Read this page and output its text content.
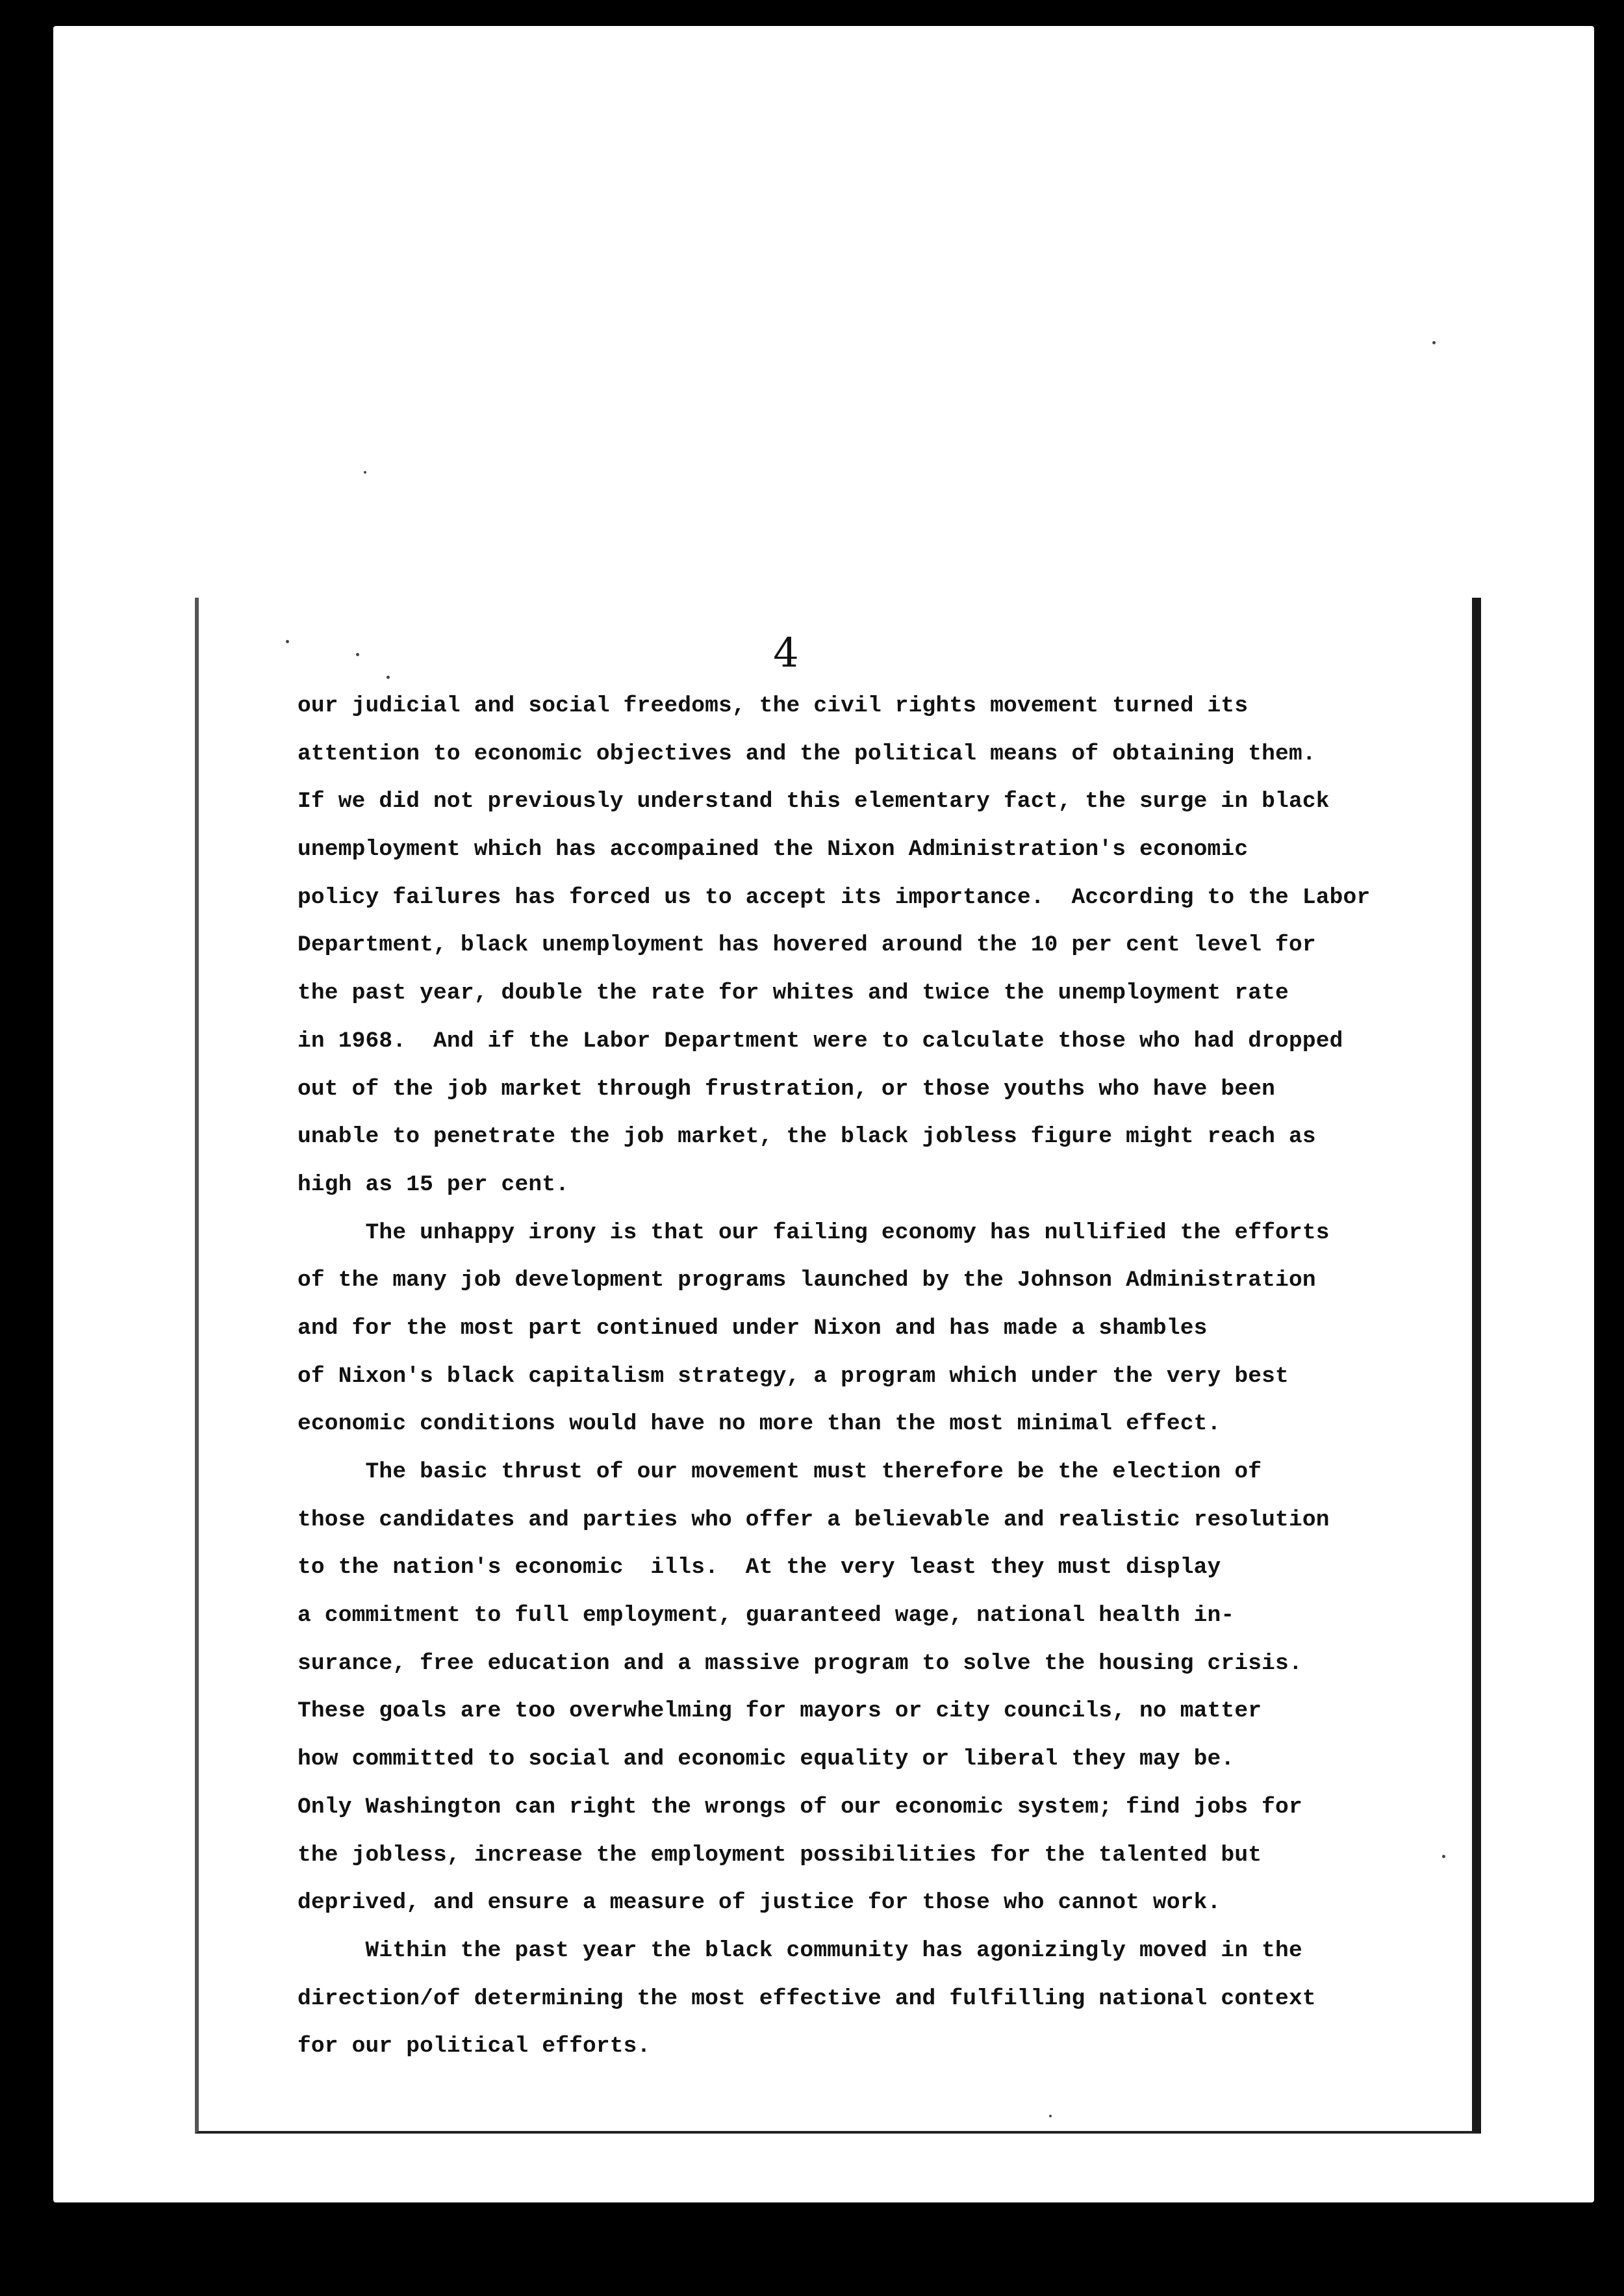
4
our judicial and social freedoms, the civil rights movement turned its
attention to economic objectives and the political means of obtaining them.
If we did not previously understand this elementary fact, the surge in black
unemployment which has accompained the Nixon Administration's economic
policy failures has forced us to accept its importance.  According to the Labor
Department, black unemployment has hovered around the 10 per cent level for
the past year, double the rate for whites and twice the unemployment rate
in 1968.  And if the Labor Department were to calculate those who had dropped
out of the job market through frustration, or those youths who have been
unable to penetrate the job market, the black jobless figure might reach as
high as 15 per cent.
The unhappy irony is that our failing economy has nullified the efforts
of the many job development programs launched by the Johnson Administration
and for the most part continued under Nixon and has made a shambles
of Nixon's black capitalism strategy, a program which under the very best
economic conditions would have no more than the most minimal effect.
The basic thrust of our movement must therefore be the election of
those candidates and parties who offer a believable and realistic resolution
to the nation's economic  ills.  At the very least they must display
a commitment to full employment, guaranteed wage, national health in-
surance, free education and a massive program to solve the housing crisis.
These goals are too overwhelming for mayors or city councils, no matter
how committed to social and economic equality or liberal they may be.
Only Washington can right the wrongs of our economic system; find jobs for
the jobless, increase the employment possibilities for the talented but
deprived, and ensure a measure of justice for those who cannot work.
Within the past year the black community has agonizingly moved in the
direction/of determining the most effective and fulfilling national context
for our political efforts.
